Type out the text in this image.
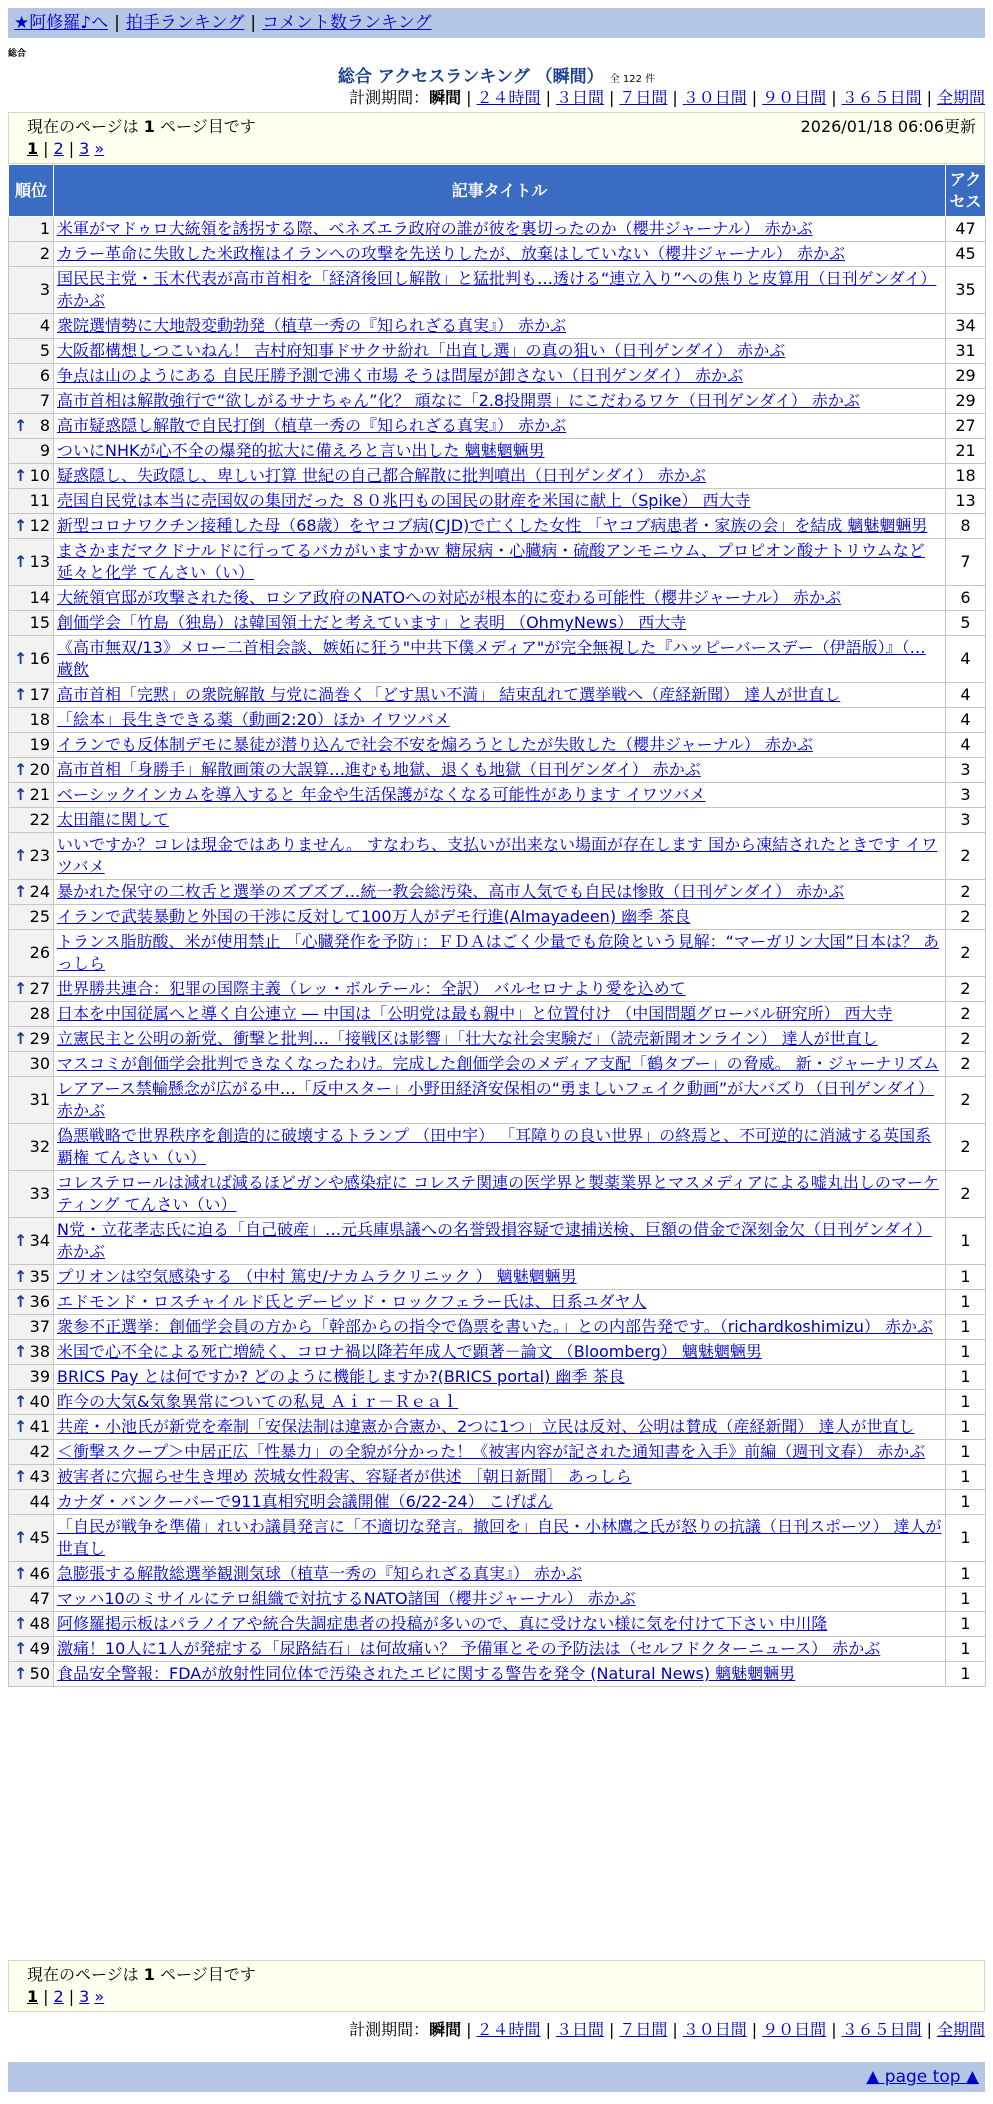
★阿修羅♪へ | 拍手ランキング | コメント数ランキング
総合
総合 アクセスランキング （瞬間） 全 122 件
計測期間：瞬間 | ２４時間 | ３日間 | ７日間 | ３０日間 | ９０日間 | ３６５日間 | 全期間
現在のページは 1 ページ目です	2026/01/18 06:06更新
1 | 2 | 3 »
順位	記事タイトル	アクセス
1	米軍がマドゥロ大統領を誘拐する際、ベネズエラ政府の誰が彼を裏切ったのか（櫻井ジャーナル） 赤かぶ	47
2	カラー革命に失敗した米政権はイランへの攻撃を先送りしたが、放棄はしていない（櫻井ジャーナル） 赤かぶ	45
3	国民民主党・玉木代表が高市首相を「経済後回し解散」と猛批判も…透ける“連立入り”への焦りと皮算用（日刊ゲンダイ） 赤かぶ	35
4	衆院選情勢に大地殻変動勃発（植草一秀の『知られざる真実』） 赤かぶ	34
5	大阪都構想しつこいねん！ 吉村府知事ドサクサ紛れ「出直し選」の真の狙い（日刊ゲンダイ） 赤かぶ	31
6	争点は山のようにある 自民圧勝予測で沸く市場 そうは問屋が卸さない（日刊ゲンダイ） 赤かぶ	29
7	高市首相は解散強行で“欲しがるサナちゃん”化？ 頑なに「2.8投開票」にこだわるワケ（日刊ゲンダイ） 赤かぶ	29

↑ 8	高市疑惑隠し解散で自民打倒（植草一秀の『知られざる真実』） 赤かぶ	27
9	ついにNHKが心不全の爆発的拡大に備えろと言い出した 魑魅魍魎男	21

↑ 10	疑惑隠し、失政隠し、卑しい打算 世紀の自己都合解散に批判噴出（日刊ゲンダイ） 赤かぶ	18
11	売国自民党は本当に売国奴の集団だった ８０兆円もの国民の財産を米国に献上（Spike） 西大寺	13

↑ 12	新型コロナワクチン接種した母（68歳）をヤコブ病(CJD)で亡くした女性 「ヤコブ病患者・家族の会」を結成 魑魅魍魎男	8

↑ 13	まさかまだマクドナルドに行ってるバカがいますかｗ 糖尿病・心臓病・硫酸アンモニウム、プロピオン酸ナトリウムなど延々と化学 てんさい（い）	7
14	大統領官邸が攻撃された後、ロシア政府のNATOへの対応が根本的に変わる可能性（櫻井ジャーナル） 赤かぶ	6
15	創価学会「竹島（独島）は韓国領土だと考えています」と表明 （OhmyNews） 西大寺	5

↑ 16	《高市無双/13》メロー二首相会談、嫉妬に狂う"中共下僕メディア"が完全無視した『ハッピーバースデー（伊語版）』（… 蔵飲	4

↑ 17	高市首相「完黙」の衆院解散 与党に渦巻く「どす黒い不満」 結束乱れて選挙戦へ（産経新聞） 達人が世直し	4
18	「絵本」長生きできる薬（動画2:20）ほか イワツバメ	4
19	イランでも反体制デモに暴徒が潜り込んで社会不安を煽ろうとしたが失敗した（櫻井ジャーナル） 赤かぶ	4

↑ 20	高市首相「身勝手」解散画策の大誤算…進むも地獄、退くも地獄（日刊ゲンダイ） 赤かぶ	3

↑ 21	ベーシックインカムを導入すると 年金や生活保護がなくなる可能性があります イワツバメ	3
22	太田龍に関して	3

↑ 23	いいですか？コレは現金ではありません。 すなわち、支払いが出来ない場面が存在します 国から凍結されたときです イワツバメ	2

↑ 24	暴かれた保守の二枚舌と選挙のズブズブ…統一教会総汚染、高市人気でも自民は惨敗（日刊ゲンダイ） 赤かぶ	2
25	イランで武装暴動と外国の干渉に反対して100万人がデモ行進(Almayadeen) 幽季 茶良	2
26	トランス脂肪酸、米が使用禁止 「心臓発作を予防」：ＦＤＡはごく少量でも危険という見解：“マーガリン大国”日本は？ あっしら	2

↑ 27	世界勝共連合：犯罪の国際主義（レッ・ボルテール：全訳） バルセロナより愛を込めて	2
28	日本を中国従属へと導く自公連立 ― 中国は「公明党は最も親中」と位置付け （中国問題グローバル研究所） 西大寺	2

↑ 29	立憲民主と公明の新党、衝撃と批判…「接戦区は影響」「壮大な社会実験だ」（読売新聞オンライン） 達人が世直し	2
30	マスコミが創価学会批判できなくなったわけ。完成した創価学会のメディア支配「鶴タブー」の脅威。 新・ジャーナリズム	2
31	レアアース禁輸懸念が広がる中…「反中スター」小野田経済安保相の“勇ましいフェイク動画”が大バズり（日刊ゲンダイ） 赤かぶ	2
32	偽悪戦略で世界秩序を創造的に破壊するトランプ （田中宇） 「耳障りの良い世界」の終焉と、不可逆的に消滅する英国系覇権 てんさい（い）	2
33	コレステロールは減れば減るほどガンや感染症に コレステ関連の医学界と製薬業界とマスメディアによる嘘丸出しのマーケティング てんさい（い）	2

↑ 34	N党・立花孝志氏に迫る「自己破産」…元兵庫県議への名誉毀損容疑で逮捕送検、巨額の借金で深刻金欠（日刊ゲンダイ） 赤かぶ	1

↑ 35	プリオンは空気感染する （中村 篤史/ナカムラクリニック ） 魑魅魍魎男	1

↑ 36	エドモンド・ロスチャイルド氏とデービッド・ロックフェラー氏は、日系ユダヤ人	1
37	衆参不正選挙：創価学会員の方から「幹部からの指令で偽票を書いた。」との内部告発です。（richardkoshimizu） 赤かぶ	1

↑ 38	米国で心不全による死亡増続く、コロナ禍以降若年成人で顕著－論文 （Bloomberg） 魑魅魍魎男	1
39	BRICS Pay とは何ですか? どのように機能しますか?(BRICS portal) 幽季 茶良	1

↑ 40	昨今の大気&気象異常についての私見 Ａｉｒ－Ｒｅａｌ	1

↑ 41	共産・小池氏が新党を牽制「安保法制は違憲か合憲か、2つに1つ」立民は反対、公明は賛成（産経新聞） 達人が世直し	1
42	＜衝撃スクープ＞中居正広「性暴力」の全貌が分かった！《被害内容が記された通知書を入手》前編（週刊文春） 赤かぶ	1

↑ 43	被害者に穴掘らせ生き埋め 茨城女性殺害、容疑者が供述 ［朝日新聞］ あっしら	1
44	カナダ・バンクーバーで911真相究明会議開催（6/22-24） こげぱん	1

↑ 45	「自民が戦争を準備」れいわ議員発言に「不適切な発言。撤回を」自民・小林鷹之氏が怒りの抗議（日刊スポーツ） 達人が世直し	1

↑ 46	急膨張する解散総選挙観測気球（植草一秀の『知られざる真実』） 赤かぶ	1
47	マッハ10のミサイルにテロ組織で対抗するNATO諸国（櫻井ジャーナル） 赤かぶ	1

↑ 48	阿修羅掲示板はパラノイアや統合失調症患者の投稿が多いので、真に受けない様に気を付けて下さい 中川隆	1

↑ 49	激痛！10人に1人が発症する「尿路結石」は何故痛い？ 予備軍とその予防法は（セルフドクターニュース） 赤かぶ	1

↑ 50	食品安全警報：FDAが放射性同位体で汚染されたエビに関する警告を発令 (Natural News) 魑魅魍魎男	1
現在のページは 1 ページ目です
1 | 2 | 3 »
計測期間：瞬間 | ２４時間 | ３日間 | ７日間 | ３０日間 | ９０日間 | ３６５日間 | 全期間
▲ page top ▲
